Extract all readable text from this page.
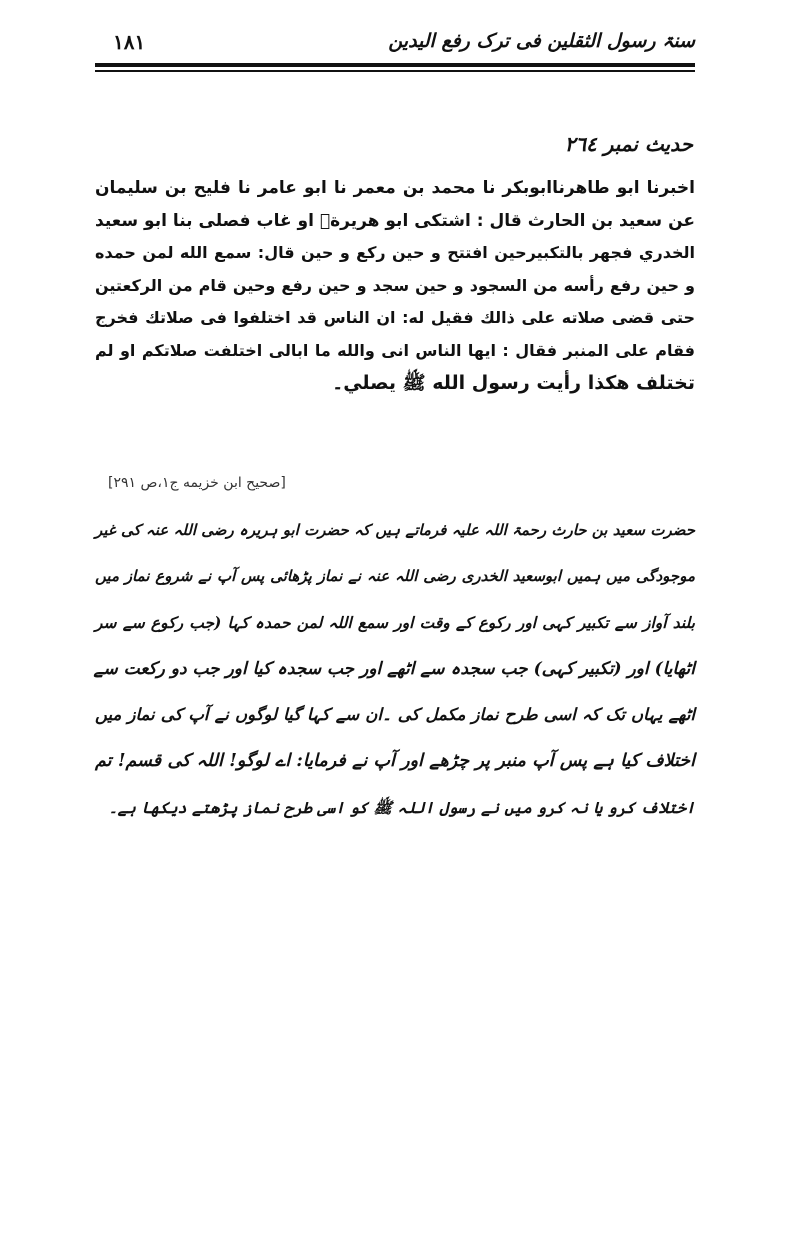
سنۃ رسول الثقلین فی ترک رفع الیدین
۱۸۱
حدیث نمبر ٢٦٤
اخبرنا ابو طاهرناابوبكر نا محمد بن معمر نا ابو عامر نا فليح بن سليمان
عن سعيد بن الحارث قال : اشتكى ابو هريرةؓ او غاب فصلى بنا ابو سعيد
الخدري فجهر بالتكبيرحين افتتح و حين ركع و حين قال: سمع الله لمن حمده
و حين رفع رأسه من السجود و حين سجد و حين رفع وحين قام من الركعتين
حتى قضى صلاته على ذالك فقيل له: ان الناس قد اختلفوا فى صلاتك فخرج
فقام على المنبر فقال : ايها الناس انى والله ما ابالى اختلفت صلاتكم او لم
تختلف هكذا رأيت رسول الله ﷺ يصلي۔
[صحيح ابن خزيمه ج١،ص ٢٩١]
حضرت سعید بن حارث رحمۃ اللہ علیہ فرماتے ہیں کہ حضرت ابو ہریرہ رضی اللہ عنہ کی غیر
موجودگی میں ہمیں ابوسعید الخدری رضی اللہ عنہ نے نماز پڑھائی پس آپ نے شروع نماز میں
بلند آواز سے تکبیر کہی اور رکوع کے وقت اور سمع اللہ لمن حمدہ کہا (جب رکوع سے سر
اٹھایا) اور (تکبیر کہی) جب سجدہ سے اٹھے اور جب سجدہ کیا اور جب دو رکعت سے
اٹھے یہاں تک کہ اسی طرح نماز مکمل کی ۔ان سے کہا گیا لوگوں نے آپ کی نماز میں
اختلاف کیا ہے پس آپ منبر پر چڑھے اور آپ نے فرمایا: اے لوگو! اللہ کی قسم! تم
اختلاف کرو یا نہ کرو میں نے رسول اللہ ﷺ کو اسی طرح نماز پڑھتے دیکھا ہے۔
